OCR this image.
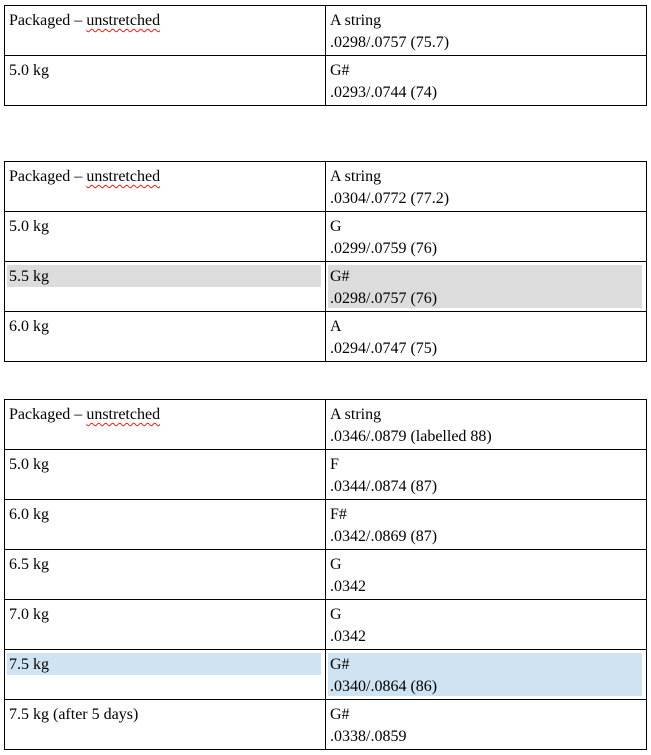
Packaged – unstretched	A string
.0298/.0757 (75.7)

5.0 kg	G#
.0293/.0744 (74)
Packaged – unstretched	A string
.0304/.0772 (77.2)

5.0 kg	G
.0299/.0759 (76)

5.5 kg	G#
.0298/.0757 (76)

6.0 kg	A
.0294/.0747 (75)
Packaged – unstretched	A string
.0346/.0879 (labelled 88)

5.0 kg	F
.0344/.0874 (87)

6.0 kg	F#
.0342/.0869 (87)

6.5 kg	G
.0342

7.0 kg	G
.0342

7.5 kg	G#
.0340/.0864 (86)

7.5 kg (after 5 days)	G#
.0338/.0859
